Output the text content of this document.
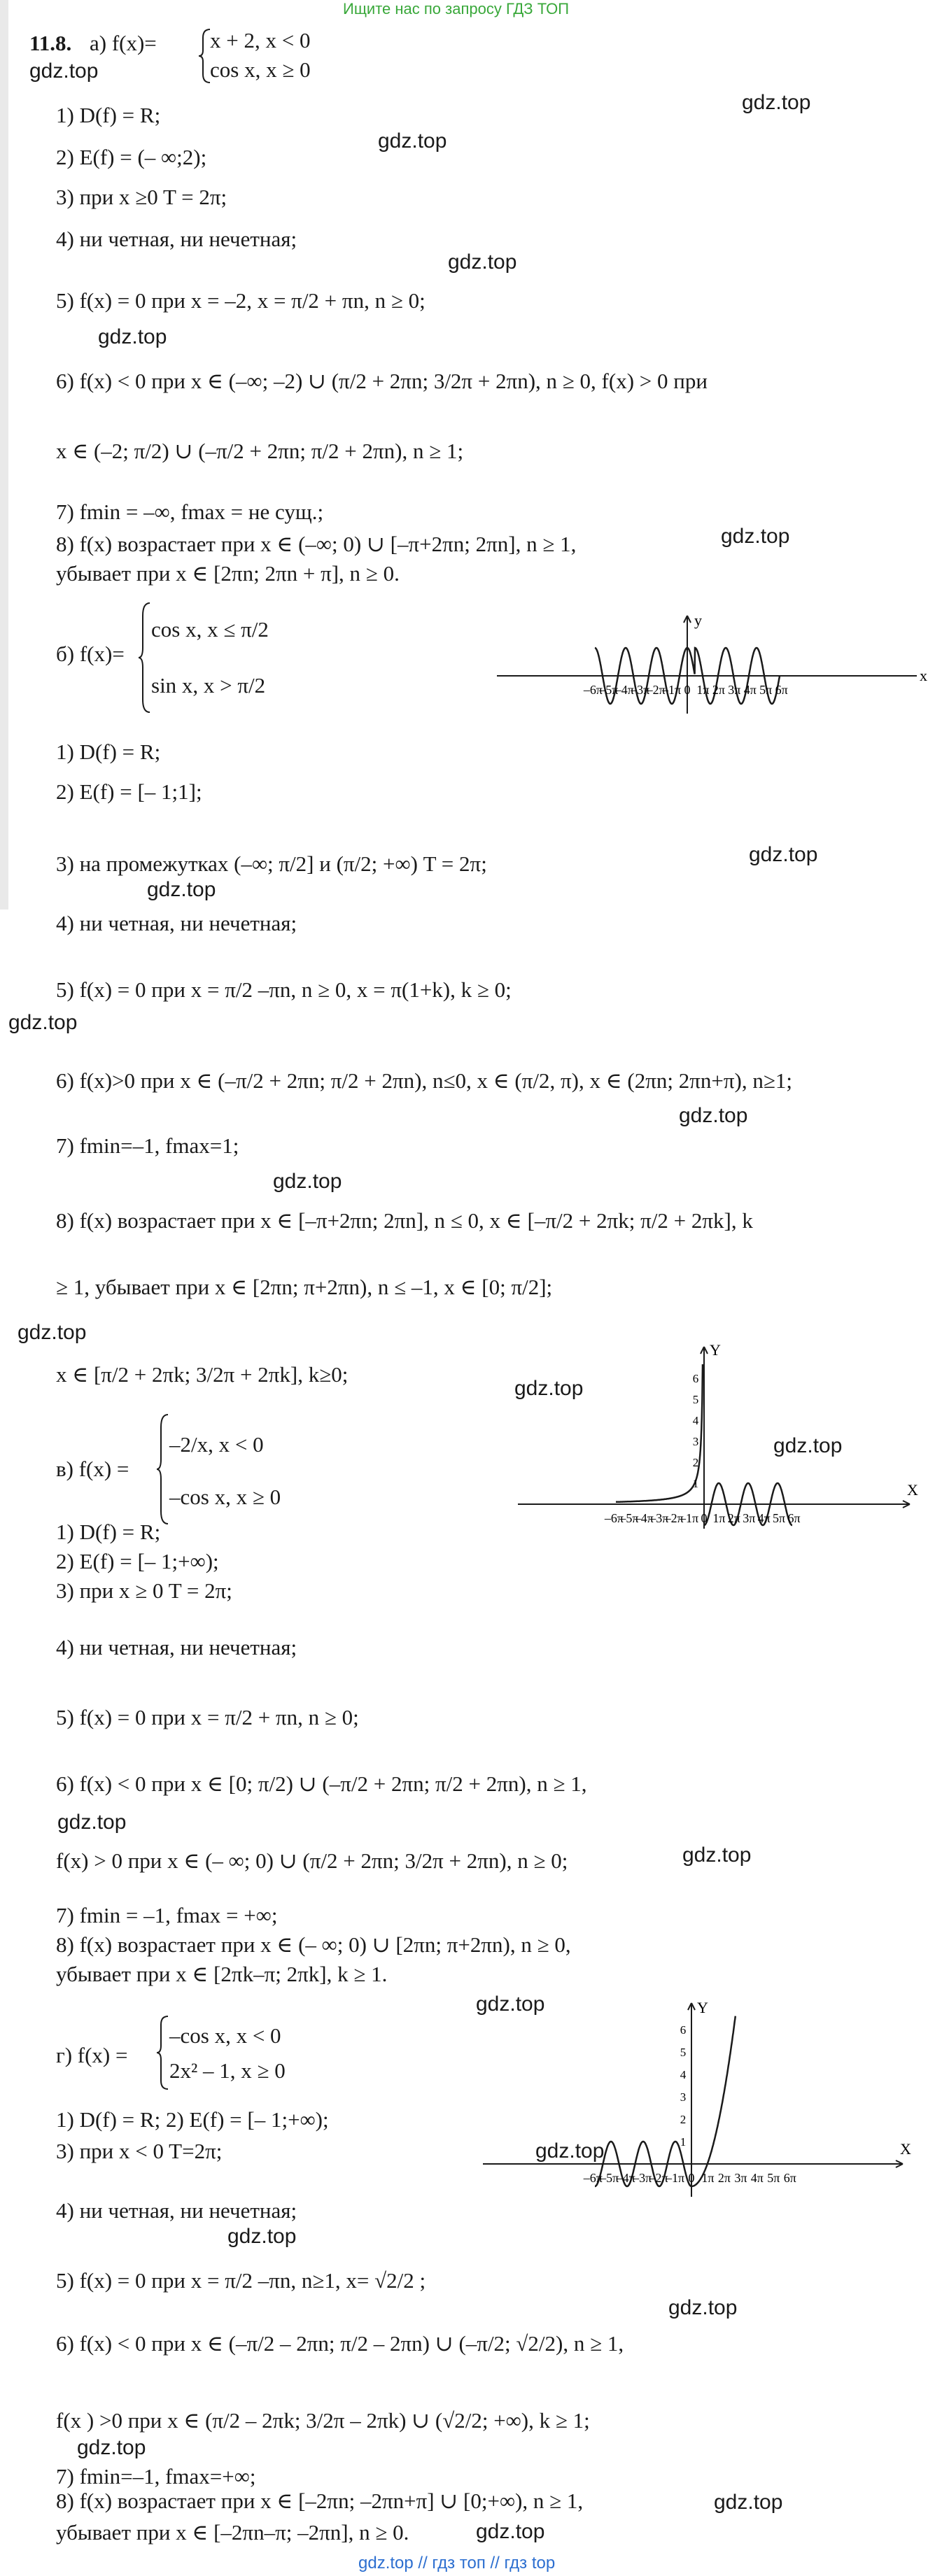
Ищите нас по запросу ГДЗ ТОП
11.8. а) f(x)= x + 2, x < 0
cos x, x ≥ 0
1) D(f) = R;
2) E(f) = (– ∞;2);
3) при x ≥0 T = 2π;
4) ни четная, ни нечетная;
5) f(x) = 0 при x = –2, x = π/2 + πn, n ≥ 0;
6) f(x) < 0 при x ∈ (–∞; –2) ∪ (π/2 + 2πn; 3/2π + 2πn), n ≥ 0, f(x) > 0 при
x ∈ (–2; π/2) ∪ (–π/2 + 2πn; π/2 + 2πn), n ≥ 1;
7) fmin = –∞, fmax = не сущ.;
8) f(x) возрастает при x ∈ (–∞; 0) ∪ [–π+2πn; 2πn], n ≥ 1,
убывает при x ∈ [2πn; 2πn + π], n ≥ 0.
gdz.top
gdz.top
gdz.top
gdz.top
gdz.top
gdz.top
б) f(x)=
cos x, x ≤ π/2
sin x, x > π/2	x
y
–6π
–5π
–4π
–3π
–2π
–1π 0 1π 2π 3π 4π 5π 6π
1) D(f) = R;
2) E(f) = [– 1;1];
3) на промежутках (–∞; π/2] и (π/2; +∞) T = 2π;
4) ни четная, ни нечетная;
5) f(x) = 0 при x = π/2 –πn, n ≥ 0, x = π(1+k), k ≥ 0;
6) f(x)>0 при x ∈ (–π/2 + 2πn; π/2 + 2πn), n≤0, x ∈ (π/2, π), x ∈ (2πn; 2πn+π), n≥1;
7) fmin=–1, fmax=1;
8) f(x) возрастает при x ∈ [–π+2πn; 2πn], n ≤ 0, x ∈ [–π/2 + 2πk; π/2 + 2πk], k
≥ 1, убывает при x ∈ [2πn; π+2πn), n ≤ –1, x ∈ [0; π/2];
x ∈ [π/2 + 2πk; 3/2π + 2πk], k≥0;
gdz.top
gdz.top
gdz.top
gdz.top
gdz.top
gdz.top
в) f(x) =
–2/x, x < 0
–cos x, x ≥ 0	X
Y
–6π
–5π
–4π
–3π
–2π
–1π 0 1π 2π 3π 4π 5π 6π
1
2
3
4
5
6
1) D(f) = R;
2) E(f) = [– 1;+∞);
3) при x ≥ 0 T = 2π;
4) ни четная, ни нечетная;
5) f(x) = 0 при x = π/2 + πn, n ≥ 0;
6) f(x) < 0 при x ∈ [0; π/2) ∪ (–π/2 + 2πn; π/2 + 2πn), n ≥ 1,
f(x) > 0 при x ∈ (– ∞; 0) ∪ (π/2 + 2πn; 3/2π + 2πn), n ≥ 0;
7) fmin = –1, fmax = +∞;
8) f(x) возрастает при x ∈ (– ∞; 0) ∪ [2πn; π+2πn), n ≥ 0,
убывает при x ∈ [2πk–π; 2πk], k ≥ 1.
gdz.top
gdz.top
gdz.top
gdz.top
gdz.top
г) f(x) =
–cos x, x < 0
2x² – 1, x ≥ 0
X
Y
–6π
–5π
–4π
–3π
–2π
–1π 0 1π 2π 3π 4π 5π 6π
1
2
3
4
5
6
1) D(f) = R; 2) E(f) = [– 1;+∞);
3) при x < 0 T=2π;
4) ни четная, ни нечетная;
5) f(x) = 0 при x = π/2 –πn, n≥1, x= √2/2 ;
6) f(x) < 0 при x ∈ (–π/2 – 2πn; π/2 – 2πn) ∪ (–π/2; √2/2), n ≥ 1,
f(x ) >0 при x ∈ (π/2 – 2πk; 3/2π – 2πk) ∪ (√2/2; +∞), k ≥ 1;
7) fmin=–1, fmax=+∞;
8) f(x) возрастает при x ∈ [–2πn; –2πn+π] ∪ [0;+∞), n ≥ 1,
убывает при x ∈ [–2πn–π; –2πn], n ≥ 0.
gdz.top
gdz.top
gdz.top
gdz.top
gdz.top
gdz.top
gdz.top // гдз топ // гдз top
